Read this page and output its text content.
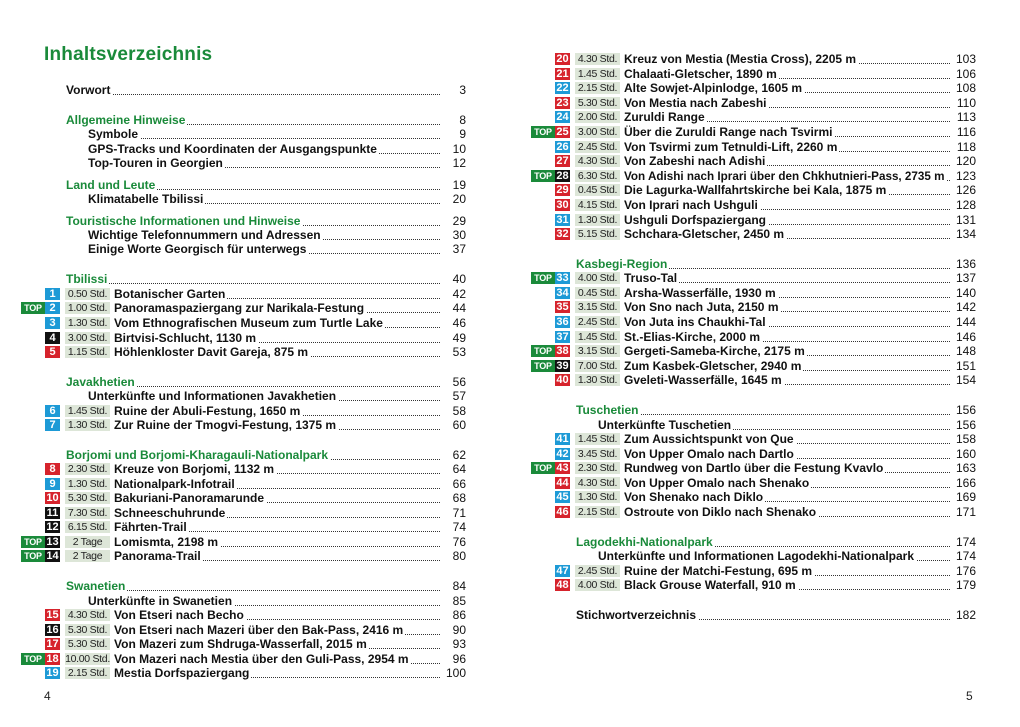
Inhaltsverzeichnis
Vorwort	3
Allgemeine Hinweise	8
Symbole	9
GPS-Tracks und Koordinaten der Ausgangspunkte	10
Top-Touren in Georgien	12
Land und Leute	19
Klimatabelle Tbilissi	20
Touristische Informationen und Hinweise	29
Wichtige Telefonnummern und Adressen	30
Einige Worte Georgisch für unterwegs	37
Tbilissi	40
1	0.50 Std. Botanischer Garten	42
TOP 2	1.00 Std. Panoramaspaziergang zur Narikala-Festung	44
3	1.30 Std. Vom Ethnografischen Museum zum Turtle Lake	46
4	3.00 Std. Birtvisi-Schlucht, 1130 m	49
5	1.15 Std. Höhlenkloster Davit Gareja, 875 m	53
Javakhetien	56
Unterkünfte und Informationen Javakhetien	57
6	1.45 Std. Ruine der Abuli-Festung, 1650 m	58
7	1.30 Std. Zur Ruine der Tmogvi-Festung, 1375 m	60
Borjomi und Borjomi-Kharagauli-Nationalpark	62
8	2.30 Std. Kreuze von Borjomi, 1132 m	64
9	1.30 Std. Nationalpark-Infotrail	66
10 5.30 Std. Bakuriani-Panoramarunde	68
11 7.30 Std. Schneeschuhrunde	71
12 6.15 Std. Fährten-Trail	74
TOP 13	2 Tage Lomismta, 2198 m	76
TOP 14	2 Tage Panorama-Trail	80
Swanetien	84
Unterkünfte in Swanetien	85
15 4.30 Std. Von Etseri nach Becho	86
16 5.30 Std. Von Etseri nach Mazeri über den Bak-Pass, 2416 m	90
17 5.30 Std. Von Mazeri zum Shdruga-Wasserfall, 2015 m	93
TOP 18 10.00 Std. Von Mazeri nach Mestia über den Guli-Pass, 2954 m	96
19 2.15 Std. Mestia Dorfspaziergang	100
4
20 4.30 Std. Kreuz von Mestia (Mestia Cross), 2205 m	103
21 1.45 Std. Chalaati-Gletscher, 1890 m	106
22 2.15 Std. Alte Sowjet-Alpinlodge, 1605 m	108
23 5.30 Std. Von Mestia nach Zabeshi	110
24 2.00 Std. Zuruldi Range	113
TOP 25 3.00 Std. Über die Zuruldi Range nach Tsvirmi	116
26 2.45 Std. Von Tsvirmi zum Tetnuldi-Lift, 2260 m	118
27 4.30 Std. Von Zabeshi nach Adishi	120
TOP 28 6.30 Std. Von Adishi nach Iprari über den Chkhutnieri-Pass, 2735 m 123
29 0.45 Std. Die Lagurka-Wallfahrtskirche bei Kala, 1875 m	126
30 4.15 Std. Von Iprari nach Ushguli	128
31 1.30 Std. Ushguli Dorfspaziergang	131
32 5.15 Std. Schchara-Gletscher, 2450 m	134
Kasbegi-Region	136
TOP 33 4.00 Std. Truso-Tal	137
34 0.45 Std. Arsha-Wasserfälle, 1930 m	140
35 3.15 Std. Von Sno nach Juta, 2150 m	142
36 2.45 Std. Von Juta ins Chaukhi-Tal	144
37 1.45 Std. St.-Elias-Kirche, 2000 m	146
TOP 38 3.15 Std. Gergeti-Sameba-Kirche, 2175 m	148
TOP 39 7.00 Std. Zum Kasbek-Gletscher, 2940 m	151
40 1.30 Std. Gveleti-Wasserfälle, 1645 m	154
Tuschetien	156
Unterkünfte Tuschetien	156
41 1.45 Std. Zum Aussichtspunkt von Que	158
42 3.45 Std. Von Upper Omalo nach Dartlo	160
TOP 43 2.30 Std. Rundweg von Dartlo über die Festung Kvavlo	163
44 4.30 Std. Von Upper Omalo nach Shenako	166
45 1.30 Std. Von Shenako nach Diklo	169
46 2.15 Std. Ostroute von Diklo nach Shenako	171
Lagodekhi-Nationalpark	174
Unterkünfte und Informationen Lagodekhi-Nationalpark	174
47 2.45 Std. Ruine der Matchi-Festung, 695 m	176
48 4.00 Std. Black Grouse Waterfall, 910 m	179
Stichwortverzeichnis	182
5
